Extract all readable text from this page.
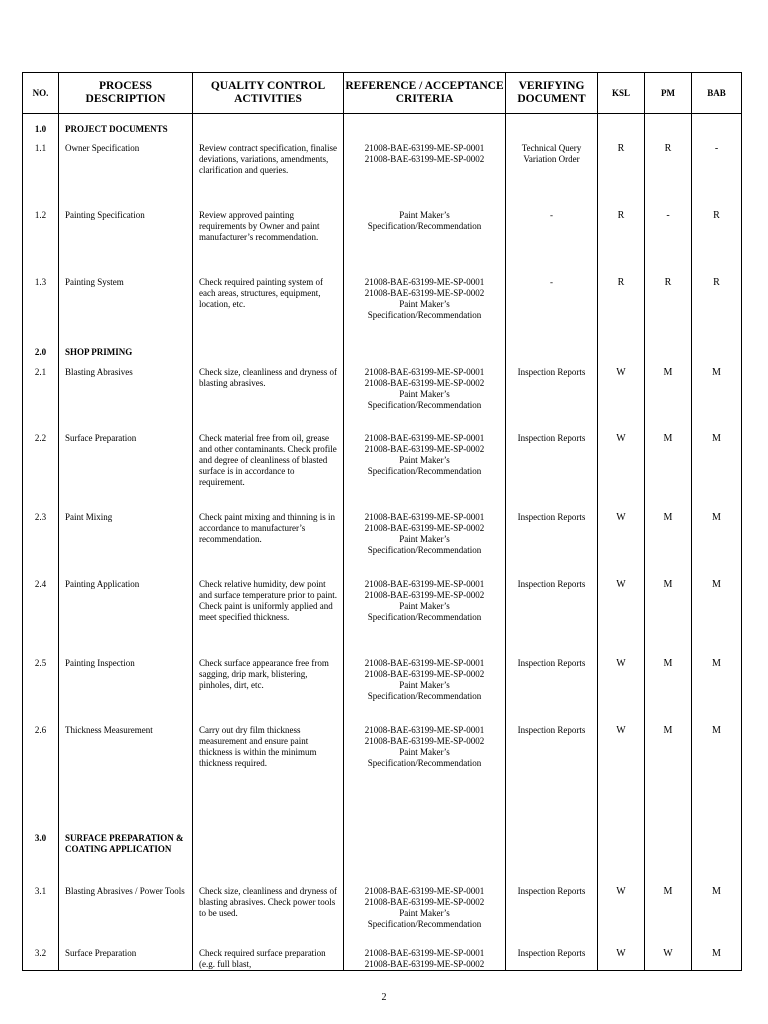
NO.	PROCESS DESCRIPTION	QUALITY CONTROL ACTIVITIES	REFERENCE / ACCEPTANCE CRITERIA	VERIFYING DOCUMENT	KSL	PM	BAB

1.0	PROJECT DOCUMENTS						

1.1	Owner Specification	Review contract specification, finalise deviations, variations, amendments, clarification and queries.	21008-BAE-63199-ME-SP-0001
21008-BAE-63199-ME-SP-0002	Technical Query Variation Order	R	R	-

1.2	Painting Specification	Review approved painting requirements by Owner and paint manufacturer’s recommendation.	Paint Maker’s
Specification/Recommendation	-	R	-	R

1.3	Painting System	Check required painting system of each areas, structures, equipment, location, etc.	21008-BAE-63199-ME-SP-0001
21008-BAE-63199-ME-SP-0002
Paint Maker’s
Specification/Recommendation	-	R	R	R

2.0	SHOP PRIMING						

2.1	Blasting Abrasives	Check size, cleanliness and dryness of blasting abrasives.	21008-BAE-63199-ME-SP-0001
21008-BAE-63199-ME-SP-0002
Paint Maker’s
Specification/Recommendation	Inspection Reports	W	M	M

2.2	Surface Preparation	Check material free from oil, grease and other contaminants. Check profile and degree of cleanliness of blasted surface is in accordance to requirement.	21008-BAE-63199-ME-SP-0001
21008-BAE-63199-ME-SP-0002
Paint Maker’s
Specification/Recommendation	Inspection Reports	W	M	M

2.3	Paint Mixing	Check paint mixing and thinning is in accordance to manufacturer’s recommendation.	21008-BAE-63199-ME-SP-0001
21008-BAE-63199-ME-SP-0002
Paint Maker’s
Specification/Recommendation	Inspection Reports	W	M	M

2.4	Painting Application	Check relative humidity, dew point and surface temperature prior to paint. Check paint is uniformly applied and meet specified thickness.	21008-BAE-63199-ME-SP-0001
21008-BAE-63199-ME-SP-0002
Paint Maker’s
Specification/Recommendation	Inspection Reports	W	M	M

2.5	Painting Inspection	Check surface appearance free from sagging, drip mark, blistering, pinholes, dirt, etc.	21008-BAE-63199-ME-SP-0001
21008-BAE-63199-ME-SP-0002
Paint Maker’s
Specification/Recommendation	Inspection Reports	W	M	M

2.6	Thickness Measurement	Carry out dry film thickness measurement and ensure paint thickness is within the minimum thickness required.	21008-BAE-63199-ME-SP-0001
21008-BAE-63199-ME-SP-0002
Paint Maker’s
Specification/Recommendation	Inspection Reports	W	M	M

3.0	SURFACE PREPARATION & COATING APPLICATION						

3.1	Blasting Abrasives / Power Tools	Check size, cleanliness and dryness of blasting abrasives. Check power tools to be used.	21008-BAE-63199-ME-SP-0001
21008-BAE-63199-ME-SP-0002
Paint Maker’s
Specification/Recommendation	Inspection Reports	W	M	M

3.2	Surface Preparation	Check required surface preparation (e.g. full blast,	21008-BAE-63199-ME-SP-0001
21008-BAE-63199-ME-SP-0002	Inspection Reports	W	W	M
2
